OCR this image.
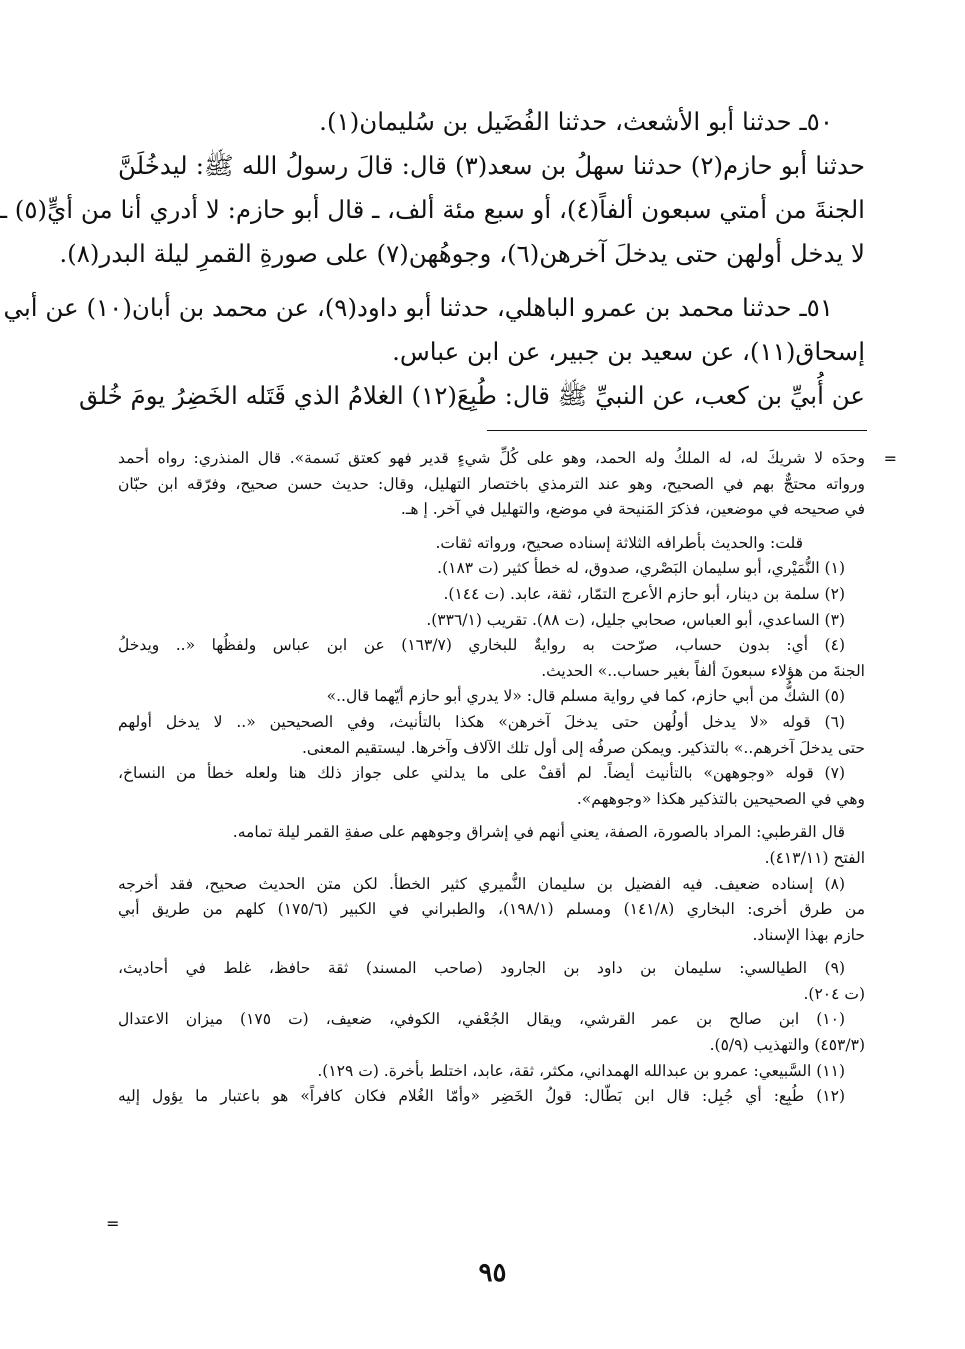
٥٠ـ حدثنا أبو الأشعث، حدثنا الفُضَيل بن سُليمان(١).
حدثنا أبو حازم(٢) حدثنا سهلُ بن سعد(٣) قال: قالَ رسولُ الله ﷺ: ليدخُلَنَّ
الجنةَ من أمتي سبعون ألفاً(٤)، أو سبع مئة ألف، ـ قال أبو حازم: لا أدري أنا من أيٍّ(٥) ـ
لا يدخل أولهن حتى يدخلَ آخرهن(٦)، وجوهُهن(٧) على صورةِ القمرِ ليلة البدر(٨).
٥١ـ حدثنا محمد بن عمرو الباهلي، حدثنا أبو داود(٩)، عن محمد بن أبان(١٠) عن أبي
إسحاق(١١)، عن سعيد بن جبير، عن ابن عباس.
عن أُبيِّ بن كعب، عن النبيِّ ﷺ قال: طُبِعَ(١٢) الغلامُ الذي قَتَله الخَضِرُ يومَ خُلق
=
وحدَه لا شريكَ له، له الملكُ وله الحمد، وهو على كُلِّ شيءٍ قدير فهو كعتق نَسمة». قال المنذري: رواه أحمد
ورواته محتجٌّ بهم في الصحيح، وهو عند الترمذي باختصار التهليل، وقال: حديث حسن صحيح، وفرّقه ابن حبّان
في صحيحه في موضعين، فذكرَ المَنيحة في موضع، والتهليل في آخر. إ هـ.
قلت: والحديث بأطرافه الثلاثة إسناده صحيح، ورواته ثقات.
(١) النُّمَيْري، أبو سليمان البَصْري، صدوق، له خطأ كثير (ت ١٨٣).
(٢) سلمة بن دينار، أبو حازم الأعرج التمّار، ثقة، عابد. (ت ١٤٤).
(٣) الساعدي، أبو العباس، صحابي جليل، (ت ٨٨). تقريب (٣٣٦/١).
(٤) أي: بدون حساب، صرّحت به روايةٌ للبخاري (١٦٣/٧) عن ابن عباس ولفظُها «.. ويدخلُ
الجنةَ من هؤلاء سبعونَ ألفاً بغير حساب..» الحديث.
(٥) الشكُّ من أبي حازم، كما في رواية مسلم قال: «لا يدري أبو حازم أيّهما قال..»
(٦) قوله «لا يدخل أولُهن حتى يدخلَ آخرهن» هكذا بالتأنيث، وفي الصحيحين «.. لا يدخل أولهم
حتى يدخلَ آخرهم..» بالتذكير. ويمكن صرفُه إلى أول تلك الآلاف وآخرها. ليستقيم المعنى.
(٧) قوله «وجوههن» بالتأنيث أيضاً. لم أقفْ على ما يدلني على جواز ذلك هنا ولعله خطأ من النساخ،
وهي في الصحيحين بالتذكير هكذا «وجوههم».
قال القرطبي: المراد بالصورة، الصفة، يعني أنهم في إشراق وجوههم على صفةِ القمر ليلة تمامه.
الفتح (٤١٣/١١).
(٨) إسناده ضعيف. فيه الفضيل بن سليمان النُّميري كثير الخطأ. لكن متن الحديث صحيح، فقد أخرجه
من طرق أخرى: البخاري (١٤١/٨) ومسلم (١٩٨/١)، والطبراني في الكبير (١٧٥/٦) كلهم من طريق أبي
حازم بهذا الإسناد.
(٩) الطيالسي: سليمان بن داود بن الجارود (صاحب المسند) ثقة حافظ، غلط في أحاديث،
(ت ٢٠٤).
(١٠) ابن صالح بن عمر القرشي، ويقال الجُعْفي، الكوفي، ضعيف، (ت ١٧٥) ميزان الاعتدال
(٤٥٣/٣) والتهذيب (٥/٩).
(١١) السَّبيعي: عمرو بن عبدالله الهمداني، مكثر، ثقة، عابد، اختلط بأخرة. (ت ١٢٩).
(١٢) طُبِع: أي جُبِل: قال ابن بَطّال: قولُ الخَضِر «وأمّا الغُلام فكان كافراً» هو باعتبار ما يؤول إليه
=
٩٥
